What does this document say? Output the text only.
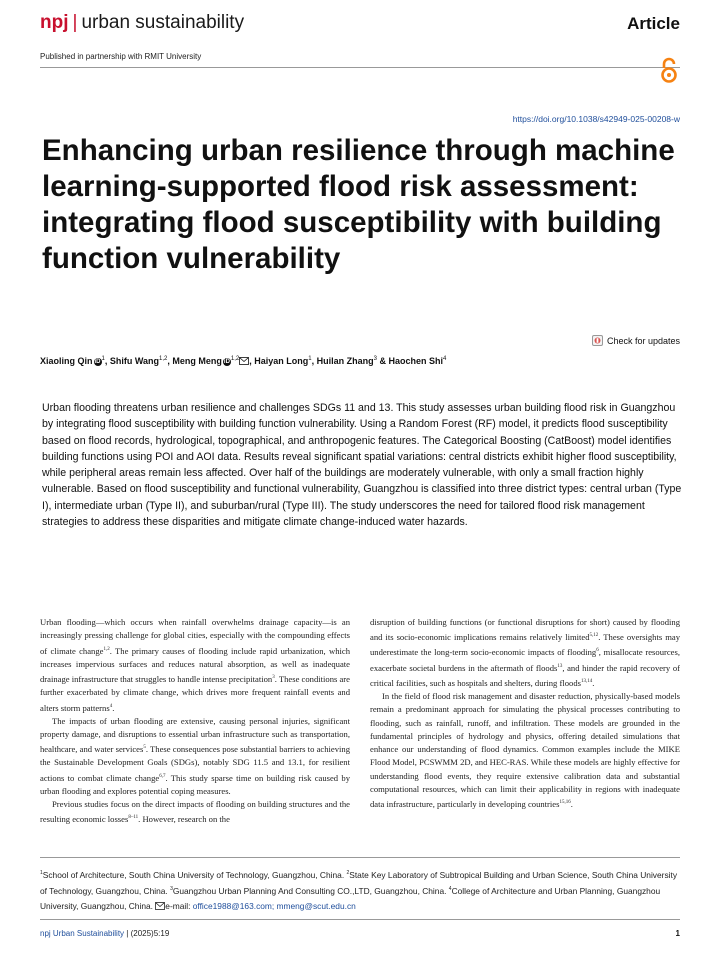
npj | urban sustainability	Article
Published in partnership with RMIT University
https://doi.org/10.1038/s42949-025-00208-w
Enhancing urban resilience through machine learning-supported flood risk assessment: integrating flood susceptibility with building function vulnerability
Check for updates
Xiaoling Qin $iD^1$, Shifu Wang$^{1,2}$, Meng Meng iD$^{1,2}$ , Haiyan Long$^1$, Huilan Zhang$^3$ & Haochen Shi$^4$

Urban flooding threatens urban resilience and challenges SDGs 11 and 13. This study assesses urban building flood risk in Guangzhou by integrating flood susceptibility with building function vulnerability. Using a Random Forest (RF) model, it predicts flood susceptibility based on flood records, hydrological, topographical, and anthropogenic features. The Categorical Boosting (CatBoost) model identifies building functions using POI and AOI data. Results reveal significant spatial variations: central districts exhibit higher flood susceptibility, while peripheral areas remain less affected. Over half of the buildings are moderately vulnerable, with only a small fraction highly vulnerable. Based on flood susceptibility and functional vulnerability, Guangzhou is classified into three district types: central urban (Type I), intermediate urban (Type II), and suburban/rural (Type III). The study underscores the need for tailored flood risk management strategies to address these disparities and mitigate climate change-induced water hazards.

Urban flooding—which occurs when rainfall overwhelms drainage capacity—is an increasingly pressing challenge for global cities, especially with the compounding effects of climate change$^{1,2}$. The primary causes of flooding include rapid urbanization, which increases impervious surfaces and reduces natural absorption, as well as inadequate drainage infrastructure that struggles to handle intense precipitation$^3$. These conditions are further exacerbated by climate change, which drives more frequent rainfall events and alters storm patterns$^4$.

The impacts of urban flooding are extensive, causing personal injuries, significant property damage, and disruptions to essential urban infrastructure such as transportation, healthcare, and water services$^5$. These consequences pose substantial barriers to achieving the Sustainable Development Goals (SDGs), notably SDG 11.5 and 13.1, for resilient actions to combat climate change$^{6,7}$. This study sparse time on building risk caused by urban flooding and explores potential coping measures.

Previous studies focus on the direct impacts of flooding on building structures and the resulting economic losses$^{8-11}$. However, research on the

disruption of building functions (or functional disruptions for short) caused by flooding and its socio-economic implications remains relatively limited$^{5,12}$. These oversights may underestimate the long-term socio-economic impacts of flooding$^6$, misallocate resources, exacerbate societal burdens in the aftermath of floods$^{13}$, and hinder the rapid recovery of critical facilities, such as hospitals and shelters, during floods$^{13,14}$.

In the field of flood risk management and disaster reduction, physically-based models remain a predominant approach for simulating the physical processes contributing to flooding, such as rainfall, runoff, and infiltration. These models are grounded in the fundamental principles of hydrology and physics, offering detailed simulations that enhance our understanding of flood dynamics. Common examples include the MIKE Flood Model, PCSWMM 2D, and HEC-RAS. While these models are highly effective for understanding flood events, they require extensive calibration data and substantial computational resources, which can limit their applicability in regions with inadequate data infrastructure, particularly in developing countries$^{15,16}$.

$^1$School of Architecture, South China University of Technology, Guangzhou, China. $^2$State Key Laboratory of Subtropical Building and Urban Science, South China University of Technology, Guangzhou, China. $^3$Guangzhou Urban Planning And Consulting CO.,LTD, Guangzhou, China. $^4$College of Architecture and Urban Planning, Guangzhou University, Guangzhou, China. e-mail: office1988@163.com; mmeng@scut.edu.cn

npj Urban Sustainability | (2025)5:19	1
